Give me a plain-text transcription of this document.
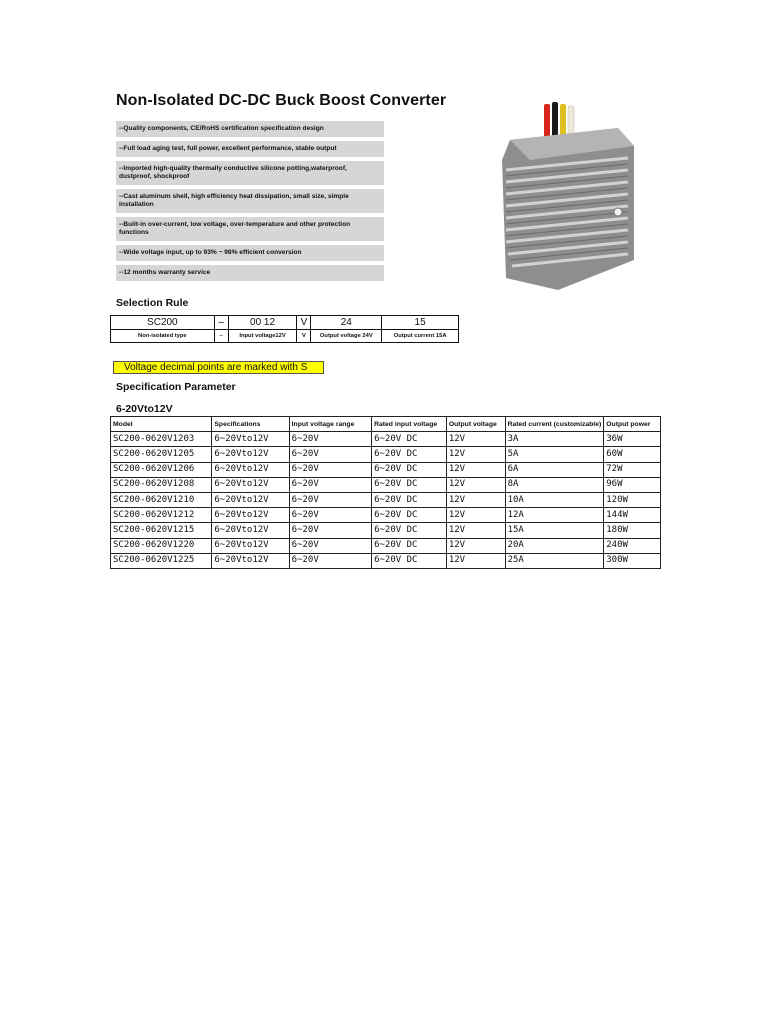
Non-Isolated DC-DC Buck Boost Converter
--Quality components, CE/RoHS certification specification design
--Full load aging test, full power, excellent performance, stable output
--Imported high-quality thermally conductive silicone potting,waterproof, dustproof, shockproof
--Cast aluminum shell, high efficiency heat dissipation, small size, simple installation
--Built-in over-current, low voltage, over-temperature and other protection functions
--Wide voltage input, up to 93% ~ 98% efficient conversion
--12 months warranty service
Selection Rule
SC200	–	00 12	V	24	15
Non-isolated type	–	Input voltage12V	V	Output voltage 24V	Output current 15A
Voltage decimal points are marked with S
Specification Parameter
6-20Vto12V
Model	Specifications	Input voltage range	Rated input voltage	Output voltage	Rated current (customizable)	Output power
SC200-0620V1203	6~20Vto12V	6~20V	6~20V DC	12V	3A	36W
SC200-0620V1205	6~20Vto12V	6~20V	6~20V DC	12V	5A	60W
SC200-0620V1206	6~20Vto12V	6~20V	6~20V DC	12V	6A	72W
SC200-0620V1208	6~20Vto12V	6~20V	6~20V DC	12V	8A	96W
SC200-0620V1210	6~20Vto12V	6~20V	6~20V DC	12V	10A	120W
SC200-0620V1212	6~20Vto12V	6~20V	6~20V DC	12V	12A	144W
SC200-0620V1215	6~20Vto12V	6~20V	6~20V DC	12V	15A	180W
SC200-0620V1220	6~20Vto12V	6~20V	6~20V DC	12V	20A	240W
SC200-0620V1225	6~20Vto12V	6~20V	6~20V DC	12V	25A	300W
